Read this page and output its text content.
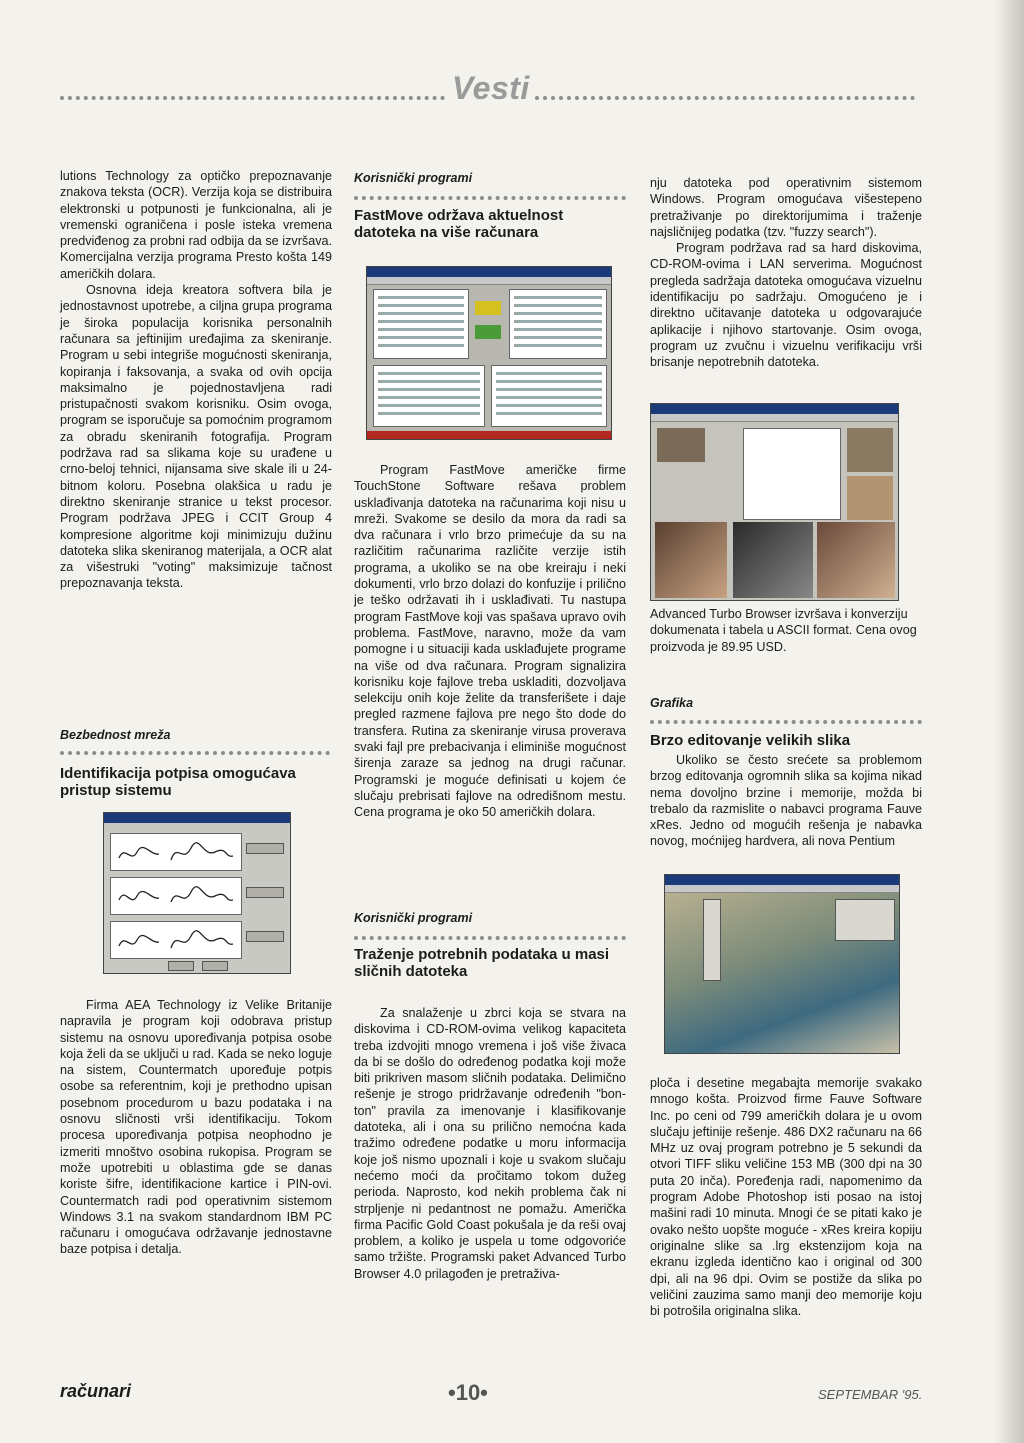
Vesti

lutions Technology za optičko prepoznavanje znakova teksta (OCR). Verzija koja se distribuira elektronski u potpunosti je funkcionalna, ali je vremenski ograničena i posle isteka vremena predviđenog za probni rad odbija da se izvršava. Komercijalna verzija programa Presto košta 149 američkih dolara.

Osnovna ideja kreatora softvera bila je jednostavnost upotrebe, a ciljna grupa programa je široka populacija korisnika personalnih računara sa jeftinijim uređajima za skeniranje. Program u sebi integriše mogućnosti skeniranja, kopiranja i faksovanja, a svaka od ovih opcija maksimalno je pojednostavljena radi pristupačnosti svakom korisniku. Osim ovoga, program se isporučuje sa pomoćnim programom za obradu skeniranih fotografija. Program podržava rad sa slikama koje su urađene u crno-beloj tehnici, nijansama sive skale ili u 24-bitnom koloru. Posebna olakšica u radu je direktno skeniranje stranice u tekst procesor. Program podržava JPEG i CCIT Group 4 kompresione algoritme koji minimizuju dužinu datoteka slika skeniranog materijala, a OCR alat za višestruki "voting" maksimizuje tačnost prepoznavanja teksta.

Bezbednost mreža
Identifikacija potpisa omogućava pristup sistemu

Firma AEA Technology iz Velike Britanije napravila je program koji odobrava pristup sistemu na osnovu upoređivanja potpisa osobe koja želi da se uključi u rad. Kada se neko loguje na sistem, Countermatch upoređuje potpis osobe sa referentnim, koji je prethodno upisan posebnom procedurom u bazu podataka i na osnovu sličnosti vrši identifikaciju. Tokom procesa upoređivanja potpisa neophodno je izmeriti mnoštvo osobina rukopisa. Program se može upotrebiti u oblastima gde se danas koriste šifre, identifikacione kartice i PIN-ovi. Countermatch radi pod operativnim sistemom Windows 3.1 na svakom standardnom IBM PC računaru i omogućava održavanje jednostavne baze potpisa i detalja.

Korisnički programi
FastMove održava aktuelnost datoteka na više računara

Program FastMove američke firme TouchStone Software rešava problem usklađivanja datoteka na računarima koji nisu u mreži. Svakome se desilo da mora da radi sa dva računara i vrlo brzo primećuje da su na različitim računarima različite verzije istih programa, a ukoliko se na obe kreiraju i neki dokumenti, vrlo brzo dolazi do konfuzije i prilično je teško održavati ih i usklađivati. Tu nastupa program FastMove koji vas spašava upravo ovih problema. FastMove, naravno, može da vam pomogne i u situaciji kada usklađujete programe na više od dva računara. Program signalizira korisniku koje fajlove treba uskladiti, dozvoljava selekciju onih koje želite da transferišete i daje pregled razmene fajlova pre nego što dode do transfera. Rutina za skeniranje virusa proverava svaki fajl pre prebacivanja i eliminiše mogućnost širenja zaraze sa jednog na drugi računar. Programski je moguće definisati u kojem će slučaju prebrisati fajlove na odredišnom mestu. Cena programa je oko 50 američkih dolara.

Korisnički programi
Traženje potrebnih podataka u masi sličnih datoteka

Za snalaženje u zbrci koja se stvara na diskovima i CD-ROM-ovima velikog kapaciteta treba izdvojiti mnogo vremena i još više živaca da bi se došlo do određenog podatka koji može biti prikriven masom sličnih podataka. Delimično rešenje je strogo pridržavanje određenih "bon-ton" pravila za imenovanje i klasifikovanje datoteka, ali i ona su prilično nemoćna kada tražimo određene podatke u moru informacija koje još nismo upoznali i koje u svakom slučaju nećemo moći da pročitamo tokom dužeg perioda. Naprosto, kod nekih problema čak ni strpljenje ni pedantnost ne pomažu. Američka firma Pacific Gold Coast pokušala je da reši ovaj problem, a koliko je uspela u tome odgovoriće samo tržište. Programski paket Advanced Turbo Browser 4.0 prilagođen je pretraživa-

nju datoteka pod operativnim sistemom Windows. Program omogućava višestepeno pretraživanje po direktorijumima i traženje najsličnijeg podatka (tzv. "fuzzy search").

Program podržava rad sa hard diskovima, CD-ROM-ovima i LAN serverima. Mogućnost pregleda sadržaja datoteka omogućava vizuelnu identifikaciju po sadržaju. Omogućeno je i direktno učitavanje datoteka u odgovarajuće aplikacije i njihovo startovanje. Osim ovoga, program uz zvučnu i vizuelnu verifikaciju vrši brisanje nepotrebnih datoteka.

Advanced Turbo Browser izvršava i konverziju dokumenata i tabela u ASCII format. Cena ovog proizvoda je 89.95 USD.
Grafika
Brzo editovanje velikih slika

Ukoliko se često srećete sa problemom brzog editovanja ogromnih slika sa kojima nikad nema dovoljno brzine i memorije, možda bi trebalo da razmislite o nabavci programa Fauve xRes. Jedno od mogućih rešenja je nabavka novog, moćnijeg hardvera, ali nova Pentium

ploča i desetine megabajta memorije svakako mnogo košta. Proizvod firme Fauve Software Inc. po ceni od 799 američkih dolara je u ovom slučaju jeftinije rešenje. 486 DX2 računaru na 66 MHz uz ovaj program potrebno je 5 sekundi da otvori TIFF sliku veličine 153 MB (300 dpi na 30 puta 20 inča). Poređenja radi, napomenimo da program Adobe Photoshop isti posao na istoj mašini radi 10 minuta. Mnogi će se pitati kako je ovako nešto uopšte moguće - xRes kreira kopiju originalne slike sa .lrg ekstenzijom koja na ekranu izgleda identično kao i original od 300 dpi, ali na 96 dpi. Ovim se postiže da slika po veličini zauzima samo manji deo memorije koju bi potrošila originalna slika.

računari	•10•	SEPTEMBAR '95.
